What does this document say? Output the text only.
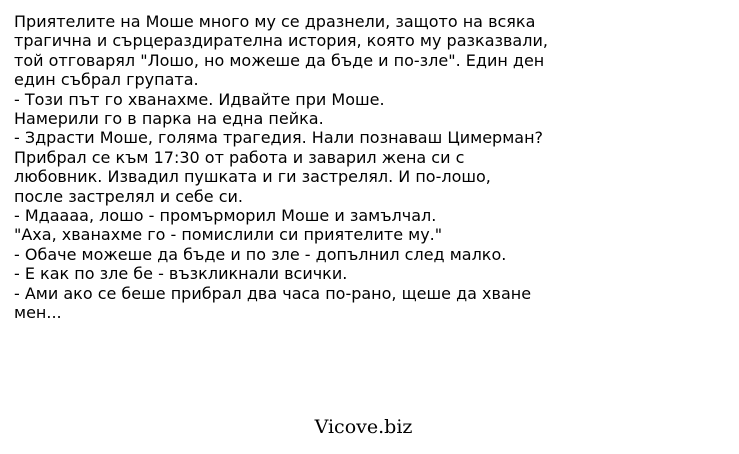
Приятелите на Моше много му се дразнели, защото на всяка
трагична и сърцераздирателна история, която му разказвали,
той отговарял "Лошо, но можеше да бъде и по-зле". Един ден
един събрал групата.
- Този път го хванахме. Идвайте при Моше.
Намерили го в парка на една пейка.
- Здрасти Моше, голяма трагедия. Нали познаваш Цимерман?
Прибрал се към 17:30 от работа и заварил жена си с
любовник. Извадил пушката и ги застрелял. И по-лошо,
после застрелял и себе си.
- Мдаааа, лошо - промърморил Моше и замълчал.
"Аха, хванахме го - помислили си приятелите му."
- Обаче можеше да бъде и по зле - допълнил след малко.
- Е как по зле бе - възкликнали всички.
- Ами ако се беше прибрал два часа по-рано, щеше да хване
мен...
Vicove.biz
